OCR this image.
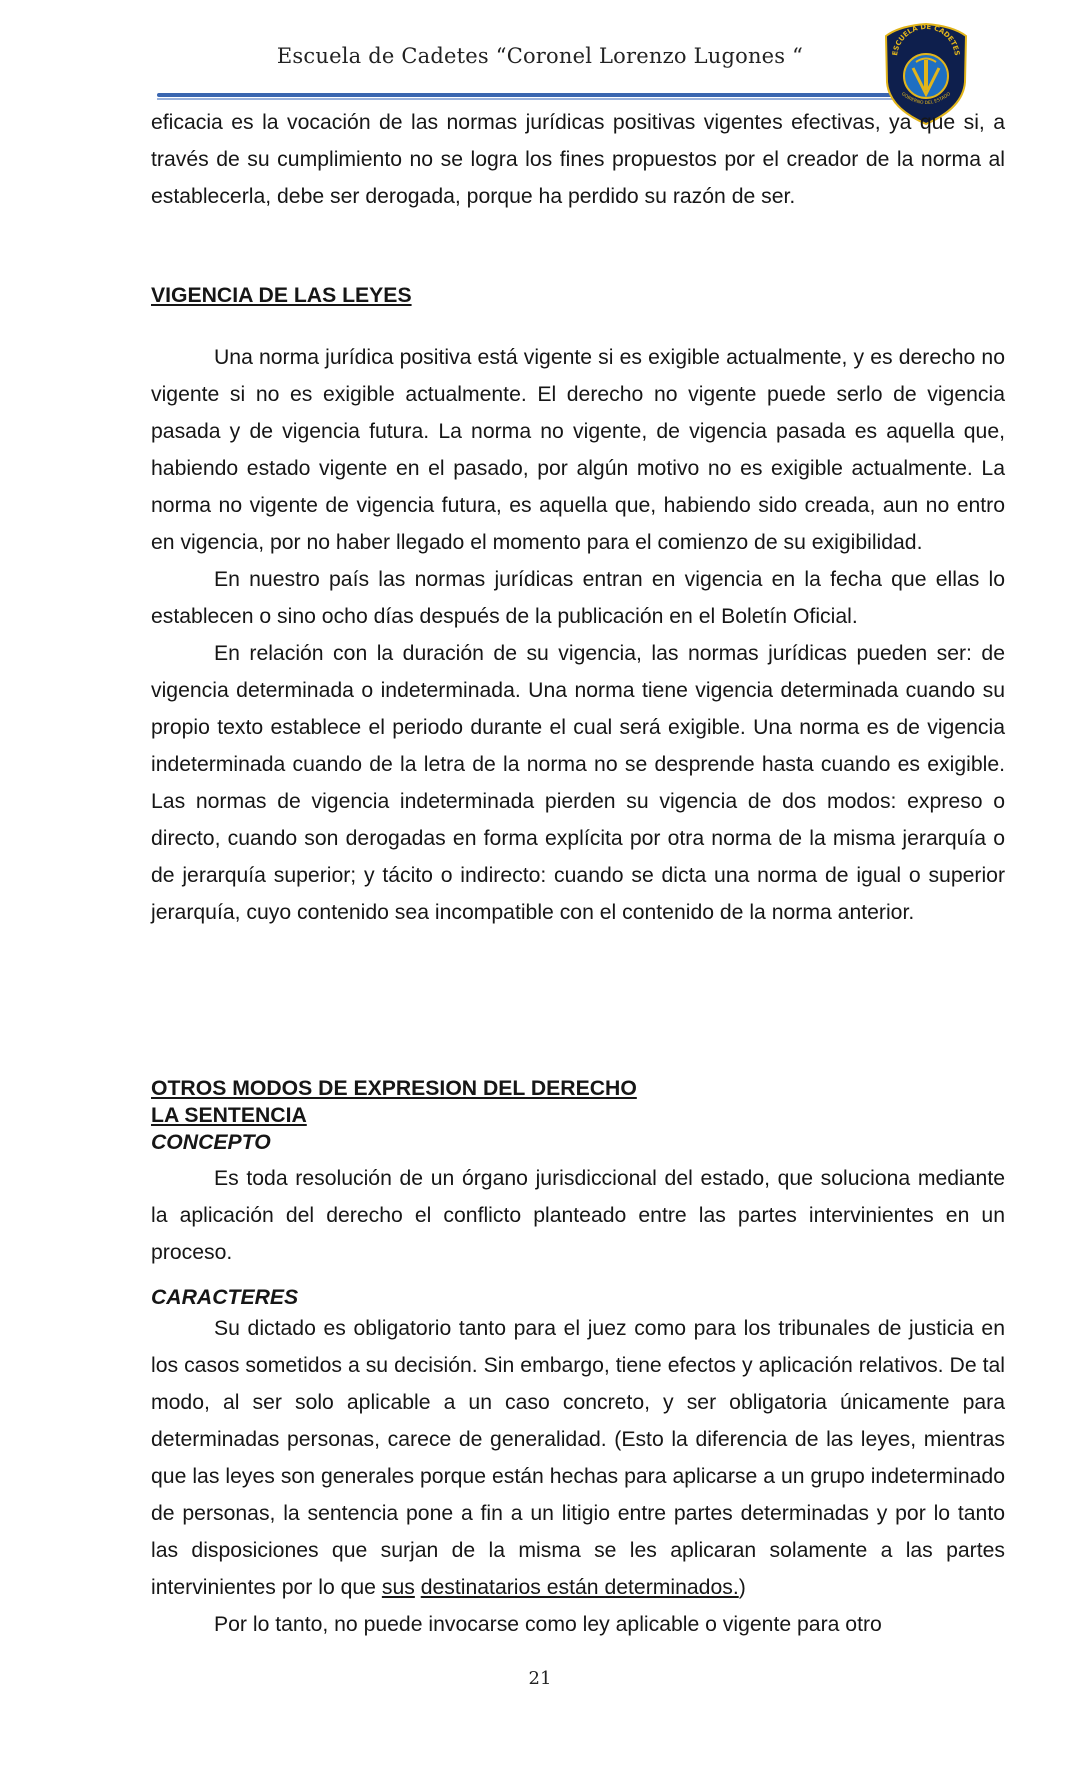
Escuela de Cadetes “Coronel Lorenzo Lugones “	ESCUELA DE CADETES
GOBIERNO DEL ESTADO

eficacia es la vocación de las normas jurídicas positivas vigentes efectivas, ya que si, a través de su cumplimiento no se logra los fines propuestos por el creador de la norma al establecerla, debe ser derogada, porque ha perdido su razón de ser.

VIGENCIA DE LAS LEYES

Una norma jurídica positiva está vigente si es exigible actualmente, y es derecho no vigente si no es exigible actualmente. El derecho no vigente puede serlo de vigencia pasada y de vigencia futura. La norma no vigente, de vigencia pasada es aquella que, habiendo estado vigente en el pasado, por algún motivo no es exigible actualmente. La norma no vigente de vigencia futura, es aquella que, habiendo sido creada, aun no entro en vigencia, por no haber llegado el momento para el comienzo de su exigibilidad.

En nuestro país las normas jurídicas entran en vigencia en la fecha que ellas lo establecen o sino ocho días después de la publicación en el Boletín Oficial.

En relación con la duración de su vigencia, las normas jurídicas pueden ser: de vigencia determinada o indeterminada. Una norma tiene vigencia determinada cuando su propio texto establece el periodo durante el cual será exigible. Una norma es de vigencia indeterminada cuando de la letra de la norma no se desprende hasta cuando es exigible. Las normas de vigencia indeterminada pierden su vigencia de dos modos: expreso o directo, cuando son derogadas en forma explícita por otra norma de la misma jerarquía o de jerarquía superior; y tácito o indirecto: cuando se dicta una norma de igual o superior jerarquía, cuyo contenido sea incompatible con el contenido de la norma anterior.

OTROS MODOS DE EXPRESION DEL DERECHO

LA SENTENCIA

CONCEPTO

Es toda resolución de un órgano jurisdiccional del estado, que soluciona mediante la aplicación del derecho el conflicto planteado entre las partes intervinientes en un proceso.

CARACTERES

Su dictado es obligatorio tanto para el juez como para los tribunales de justicia en los casos sometidos a su decisión. Sin embargo, tiene efectos y aplicación relativos. De tal modo, al ser solo aplicable a un caso concreto, y ser obligatoria únicamente para determinadas personas, carece de generalidad. (Esto la diferencia de las leyes, mientras que las leyes son generales porque están hechas para aplicarse a un grupo indeterminado de personas, la sentencia pone a fin a un litigio entre partes determinadas y por lo tanto las disposiciones que surjan de la misma se les aplicaran solamente a las partes intervinientes por lo que sus destinatarios están determinados.)

Por lo tanto, no puede invocarse como ley aplicable o vigente para otro

21
